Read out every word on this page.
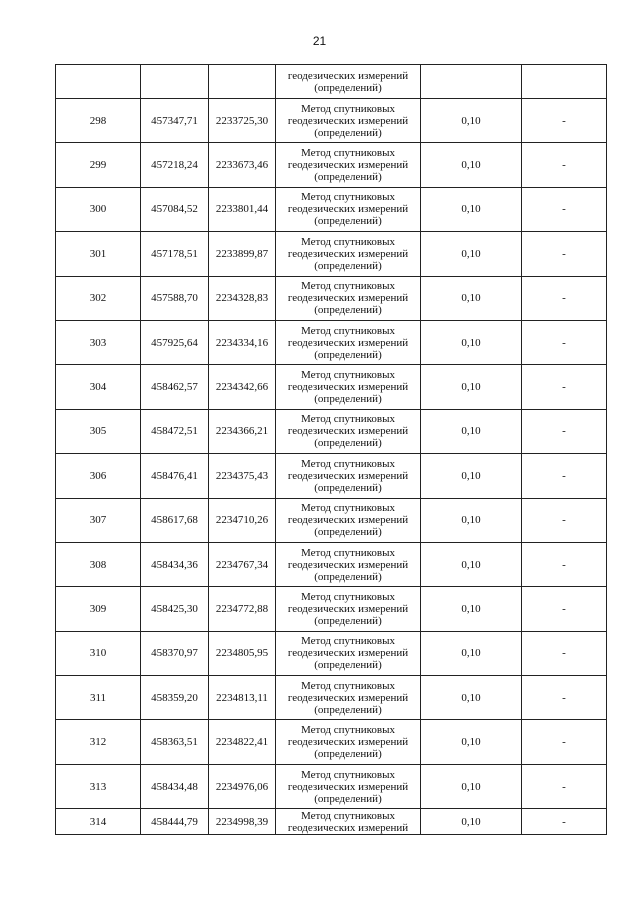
21

			геодезических измерений
(определений)		

298	457347,71	2233725,30	Метод спутниковых
геодезических измерений
(определений)	0,10	-
299	457218,24	2233673,46	Метод спутниковых
геодезических измерений
(определений)	0,10	-
300	457084,52	2233801,44	Метод спутниковых
геодезических измерений
(определений)	0,10	-
301	457178,51	2233899,87	Метод спутниковых
геодезических измерений
(определений)	0,10	-
302	457588,70	2234328,83	Метод спутниковых
геодезических измерений
(определений)	0,10	-
303	457925,64	2234334,16	Метод спутниковых
геодезических измерений
(определений)	0,10	-
304	458462,57	2234342,66	Метод спутниковых
геодезических измерений
(определений)	0,10	-
305	458472,51	2234366,21	Метод спутниковых
геодезических измерений
(определений)	0,10	-
306	458476,41	2234375,43	Метод спутниковых
геодезических измерений
(определений)	0,10	-
307	458617,68	2234710,26	Метод спутниковых
геодезических измерений
(определений)	0,10	-
308	458434,36	2234767,34	Метод спутниковых
геодезических измерений
(определений)	0,10	-
309	458425,30	2234772,88	Метод спутниковых
геодезических измерений
(определений)	0,10	-
310	458370,97	2234805,95	Метод спутниковых
геодезических измерений
(определений)	0,10	-
311	458359,20	2234813,11	Метод спутниковых
геодезических измерений
(определений)	0,10	-
312	458363,51	2234822,41	Метод спутниковых
геодезических измерений
(определений)	0,10	-
313	458434,48	2234976,06	Метод спутниковых
геодезических измерений
(определений)	0,10	-
314	458444,79	2234998,39	Метод спутниковых
геодезических измерений	0,10	-
